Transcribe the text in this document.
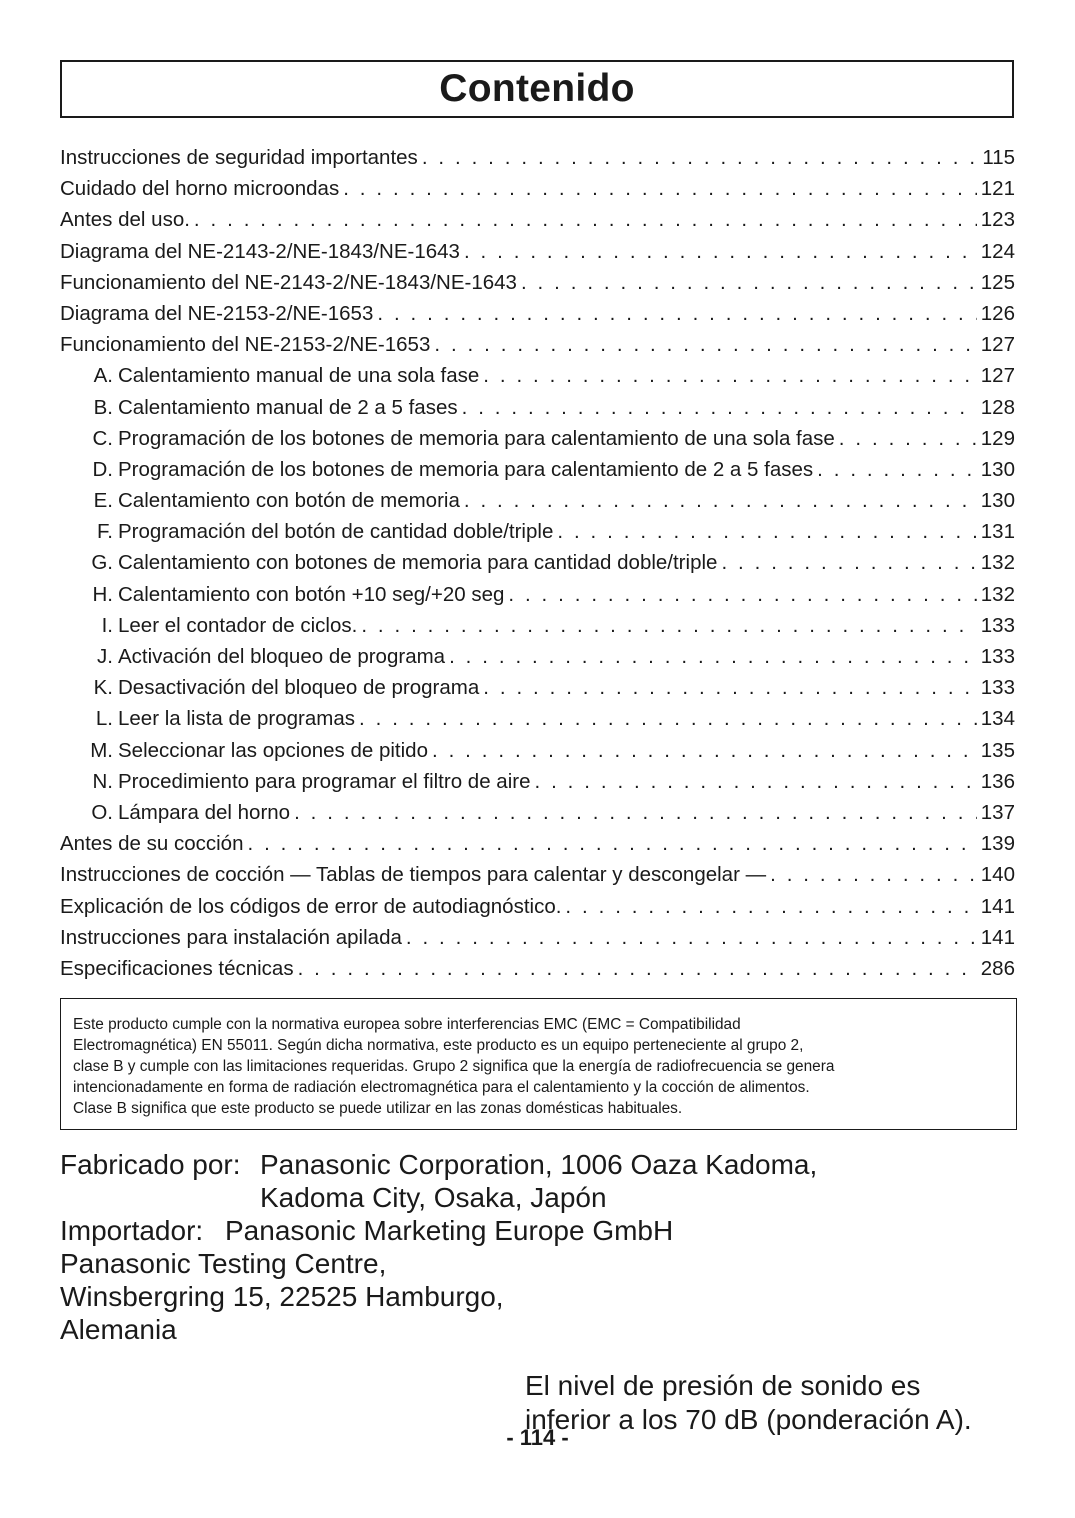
Contenido
Instrucciones de seguridad importantes . . .	115
Cuidado del horno microondas . . .	121
Antes del uso. . . .	123
Diagrama del NE-2143-2/NE-1843/NE-1643 . . .	124
Funcionamiento del NE-2143-2/NE-1843/NE-1643 . . .	125
Diagrama del NE-2153-2/NE-1653 . . .	126
Funcionamiento del NE-2153-2/NE-1653 . . .	127
A. Calentamiento manual de una sola fase . . .	127
B. Calentamiento manual de 2 a 5 fases . . .	128
C. Programación de los botones de memoria para calentamiento de una sola fase . . .	129
D. Programación de los botones de memoria para calentamiento de 2 a 5 fases . . .	130
E. Calentamiento con botón de memoria . . .	130
F. Programación del botón de cantidad doble/triple . . .	131
G. Calentamiento con botones de memoria para cantidad doble/triple . . .	132
H. Calentamiento con botón +10 seg/+20 seg . . .	132
I. Leer el contador de ciclos. . . .	133
J. Activación del bloqueo de programa . . .	133
K. Desactivación del bloqueo de programa . . .	133
L. Leer la lista de programas . . .	134
M. Seleccionar las opciones de pitido . . .	135
N. Procedimiento para programar el filtro de aire . . .	136
O. Lámpara del horno . . .	137
Antes de su cocción . . .	139
Instrucciones de cocción — Tablas de tiempos para calentar y descongelar — . . .	140
Explicación de los códigos de error de autodiagnóstico. . . .	141
Instrucciones para instalación apilada . . .	141
Especificaciones técnicas . . .	286
Este producto cumple con la normativa europea sobre interferencias EMC (EMC = Compatibilidad
Electromagnética) EN 55011. Según dicha normativa, este producto es un equipo perteneciente al grupo 2,
clase B y cumple con las limitaciones requeridas. Grupo 2 significa que la energía de radiofrecuencia se genera
intencionadamente en forma de radiación electromagnética para el calentamiento y la cocción de alimentos.
Clase B significa que este producto se puede utilizar en las zonas domésticas habituales.
Fabricado por: Panasonic Corporation, 1006 Oaza Kadoma,
Kadoma City, Osaka, Japón
Importador: Panasonic Marketing Europe GmbH
Panasonic Testing Centre,
Winsbergring 15, 22525 Hamburgo,
Alemania
El nivel de presión de sonido es
inferior a los 70 dB (ponderación A).
- 114 -
